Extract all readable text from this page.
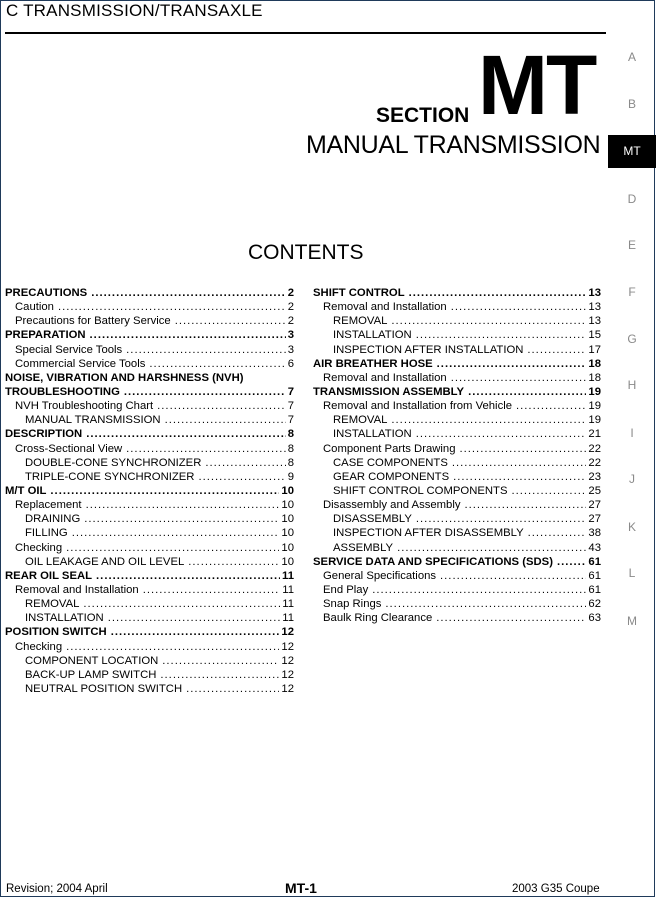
C TRANSMISSION/TRANSAXLE
SECTION MT
MANUAL TRANSMISSION
CONTENTS
A
B
MT
D
E
F
G
H
I
J
K
L
M
PRECAUTIONS .....	2
Caution .....	2
Precautions for Battery Service .....	2
PREPARATION .....	3
Special Service Tools .....	3
Commercial Service Tools .....	6
NOISE, VIBRATION AND HARSHNESS (NVH)
TROUBLESHOOTING .....	7
NVH Troubleshooting Chart .....	7
MANUAL TRANSMISSION .....	7
DESCRIPTION .....	8
Cross-Sectional View .....	8
DOUBLE-CONE SYNCHRONIZER .....	8
TRIPLE-CONE SYNCHRONIZER .....	9
M/T OIL .....	10
Replacement .....	10
DRAINING .....	10
FILLING .....	10
Checking .....	10
OIL LEAKAGE AND OIL LEVEL .....	10
REAR OIL SEAL .....	11
Removal and Installation .....	11
REMOVAL .....	11
INSTALLATION .....	11
POSITION SWITCH .....	12
Checking .....	12
COMPONENT LOCATION .....	12
BACK-UP LAMP SWITCH .....	12
NEUTRAL POSITION SWITCH .....	12
SHIFT CONTROL .....	13
Removal and Installation .....	13
REMOVAL .....	13
INSTALLATION .....	15
INSPECTION AFTER INSTALLATION .....	17
AIR BREATHER HOSE .....	18
Removal and Installation .....	18
TRANSMISSION ASSEMBLY .....	19
Removal and Installation from Vehicle .....	19
REMOVAL .....	19
INSTALLATION .....	21
Component Parts Drawing .....	22
CASE COMPONENTS .....	22
GEAR COMPONENTS .....	23
SHIFT CONTROL COMPONENTS .....	25
Disassembly and Assembly .....	27
DISASSEMBLY .....	27
INSPECTION AFTER DISASSEMBLY .....	38
ASSEMBLY .....	43
SERVICE DATA AND SPECIFICATIONS (SDS) .....	61
General Specifications .....	61
End Play .....	61
Snap Rings .....	62
Baulk Ring Clearance .....	63
Revision; 2004 April	MT-1	2003 G35 Coupe
